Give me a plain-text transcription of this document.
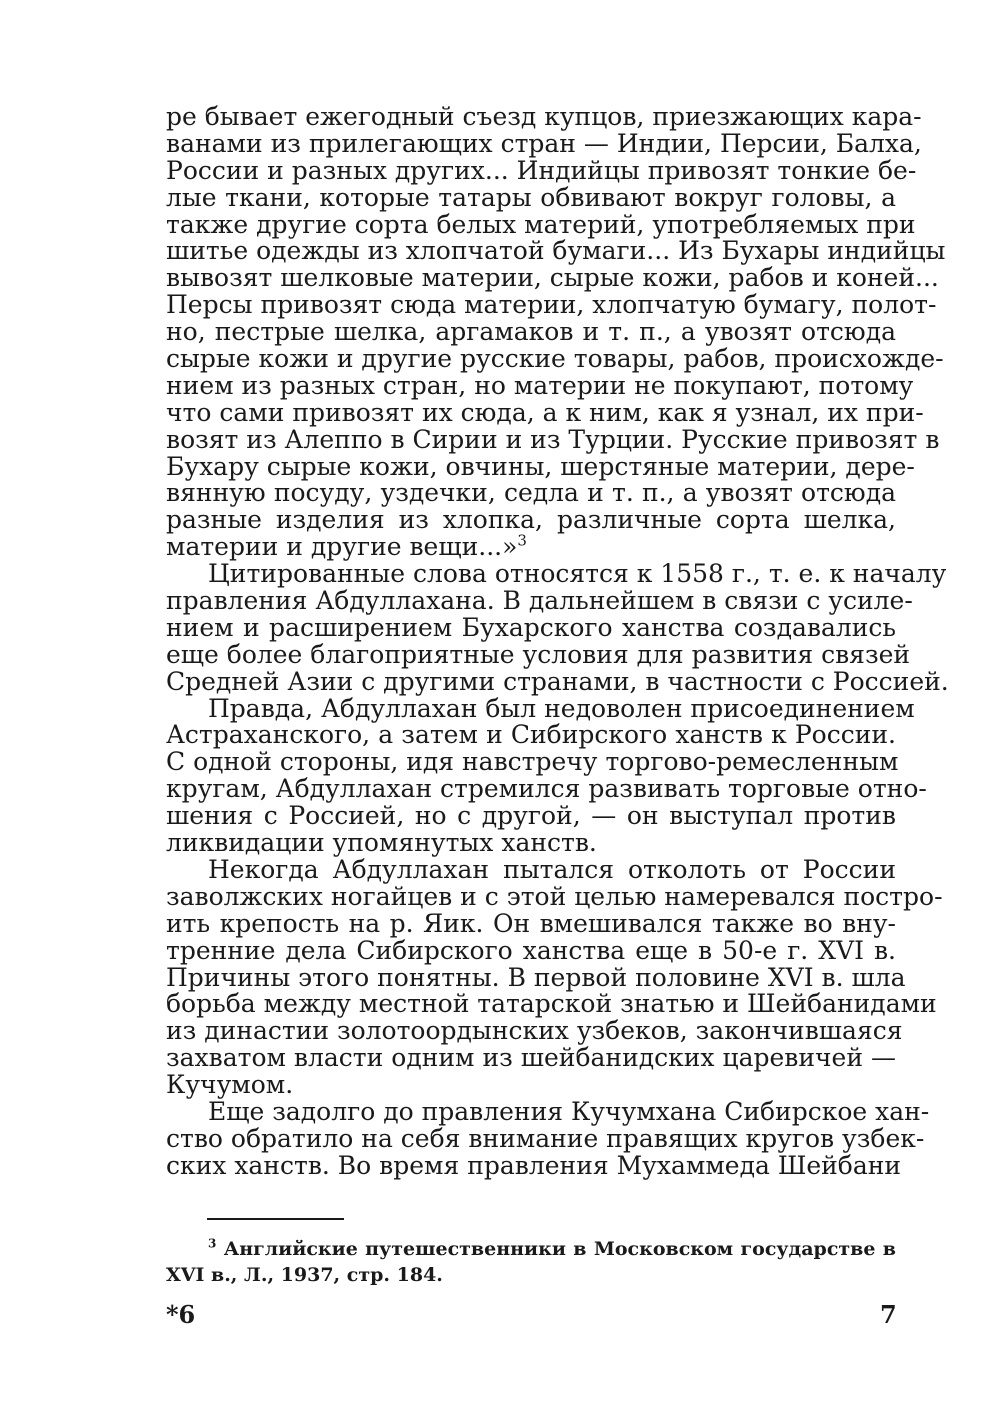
ре бывает ежегодный съезд купцов, приезжающих кара-
ванами из прилегающих стран — Индии, Персии, Балха,
России и разных других... Индийцы привозят тонкие бе-
лые ткани, которые татары обвивают вокруг головы, а
также другие сорта белых материй, употребляемых при
шитье одежды из хлопчатой бумаги... Из Бухары индийцы
вывозят шелковые материи, сырые кожи, рабов и коней...
Персы привозят сюда материи, хлопчатую бумагу, полот-
но, пестрые шелка, аргамаков и т. п., а увозят отсюда
сырые кожи и другие русские товары, рабов, происхожде-
нием из разных стран, но материи не покупают, потому
что сами привозят их сюда, а к ним, как я узнал, их при-
возят из Алеппо в Сирии и из Турции. Русские привозят в
Бухару сырые кожи, овчины, шерстяные материи, дере-
вянную посуду, уздечки, седла и т. п., а увозят отсюда
разные изделия из хлопка, различные сорта шелка,
материи и другие вещи...»$^3$
Цитированные слова относятся к 1558 г., т. е. к началу
правления Абдуллахана. В дальнейшем в связи с усиле-
нием и расширением Бухарского ханства создавались
еще более благоприятные условия для развития связей
Средней Азии с другими странами, в частности с Россией.
Правда, Абдуллахан был недоволен присоединением
Астраханского, а затем и Сибирского ханств к России.
С одной стороны, идя навстречу торгово-ремесленным
кругам, Абдуллахан стремился развивать торговые отно-
шения с Россией, но с другой, — он выступал против
ликвидации упомянутых ханств.
Некогда Абдуллахан пытался отколоть от России
заволжских ногайцев и с этой целью намеревался постро-
ить крепость на р. Яик. Он вмешивался также во вну-
тренние дела Сибирского ханства еще в 50-е г. XVI в.
Причины этого понятны. В первой половине XVI в. шла
борьба между местной татарской знатью и Шейбанидами
из династии золотоордынских узбеков, закончившаяся
захватом власти одним из шейбанидских царевичей —
Кучумом.
Еще задолго до правления Кучумхана Сибирское хан-
ство обратило на себя внимание правящих кругов узбек-
ских ханств. Во время правления Мухаммеда Шейбани
$^3$ Английские путешественники в Московском государстве в
XVI в., Л., 1937, стр. 184.
*6	7
